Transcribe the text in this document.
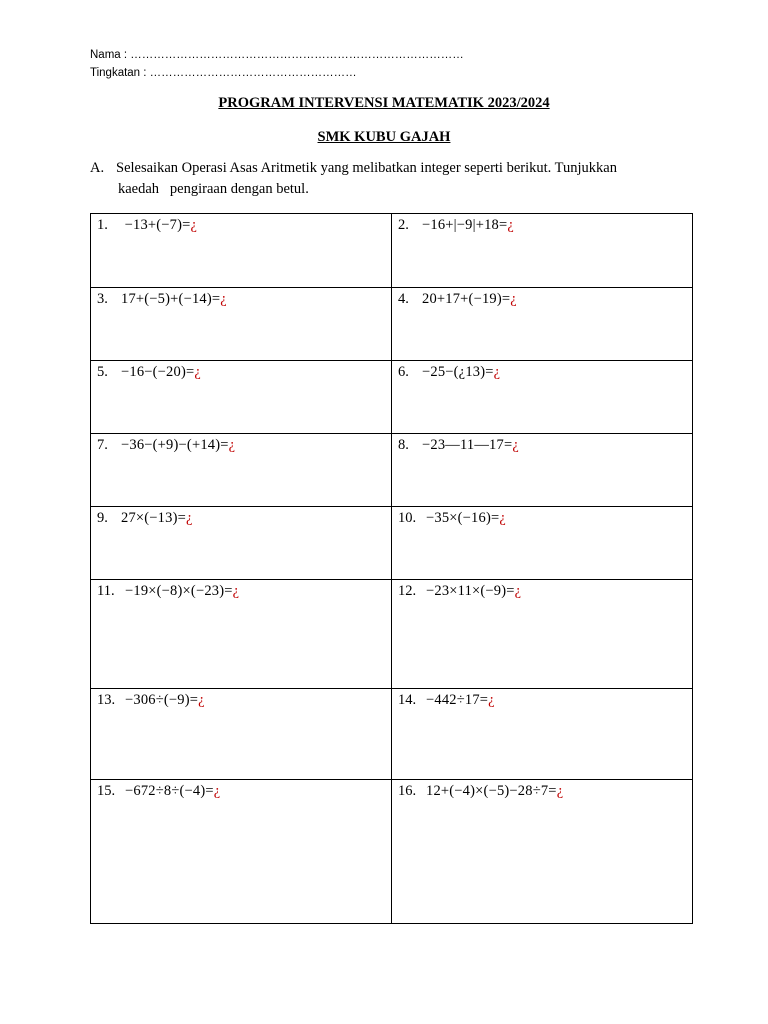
Nama : ……………………………………………………………………………
Tingkatan : ………………………………………………
PROGRAM INTERVENSI MATEMATIK 2023/2024
SMK KUBU GAJAH
A. Selesaikan Operasi Asas Aritmetik yang melibatkan integer seperti berikut. Tunjukkan
kaedah   pengiraan dengan betul.
1. −13+(−7)=¿	2. −16+|−9|+18=¿
3. 17+(−5)+(−14)=¿	4. 20+17+(−19)=¿
5. −16−(−20)=¿	6. −25−(¿13)=¿
7. −36−(+9)−(+14)=¿	8. −23—11—17=¿
9. 27×(−13)=¿	10. −35×(−16)=¿
11. −19×(−8)×(−23)=¿	12. −23×11×(−9)=¿
13. −306÷(−9)=¿	14. −442÷17=¿
15. −672÷8÷(−4)=¿	16. 12+(−4)×(−5)−28÷7=¿
